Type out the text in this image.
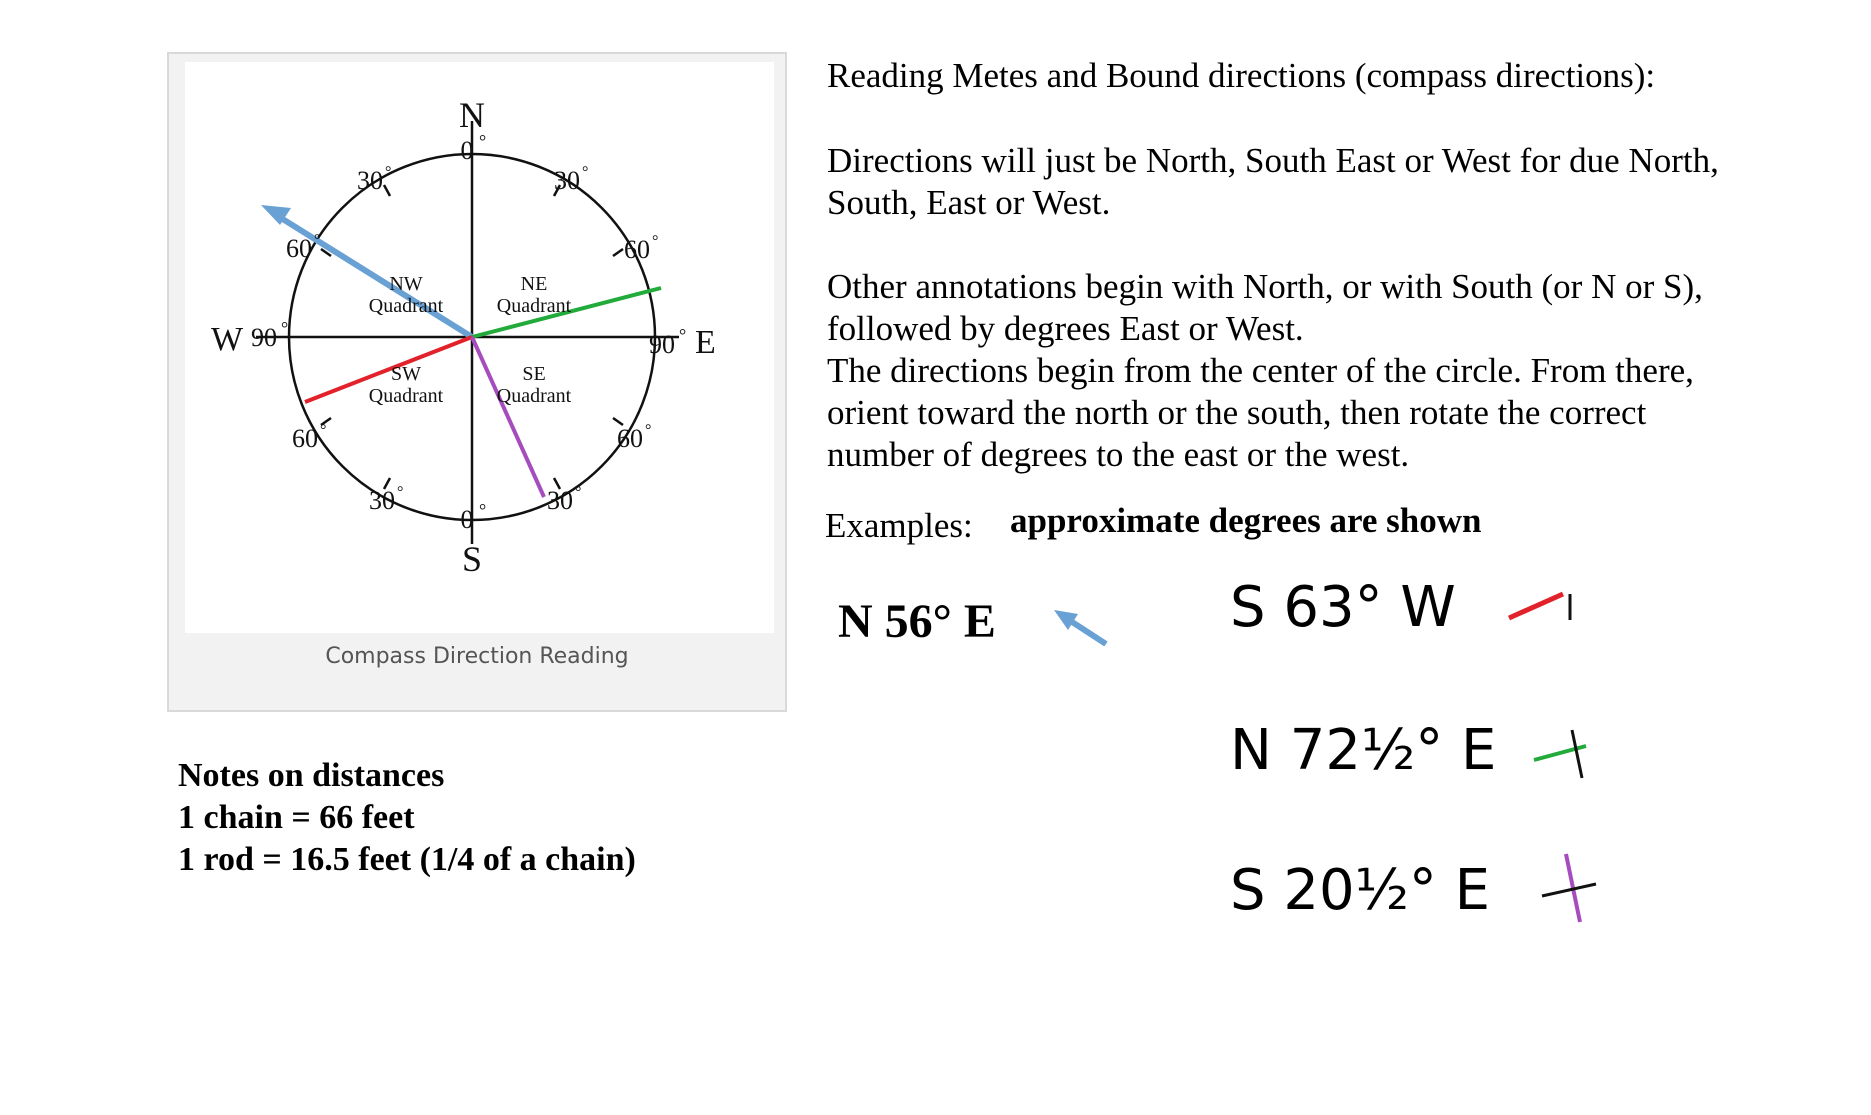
N
S
0 °
0 °
W 90 °
90 ° E
30 °	30 °
60 °	60 °
60 °	60 °
30 °	30 °
NW
Quadrant
NE
Quadrant
SW
Quadrant
SE
Quadrant
Compass Direction Reading
Reading Metes and Bound directions (compass directions):
Directions will just be North, South East or West for due North,
South, East or West.
Other annotations begin with North, or with South (or N or S),
followed by degrees East or West.
The directions begin from the center of the circle. From there,
orient toward the north or the south, then rotate the correct
number of degrees to the east or the west.
Examples: approximate degrees are shown
N 56° E	S 63° W
N 72½° E
S 20½° E
Notes on distances
1 chain = 66 feet
1 rod = 16.5 feet (1/4 of a chain)
